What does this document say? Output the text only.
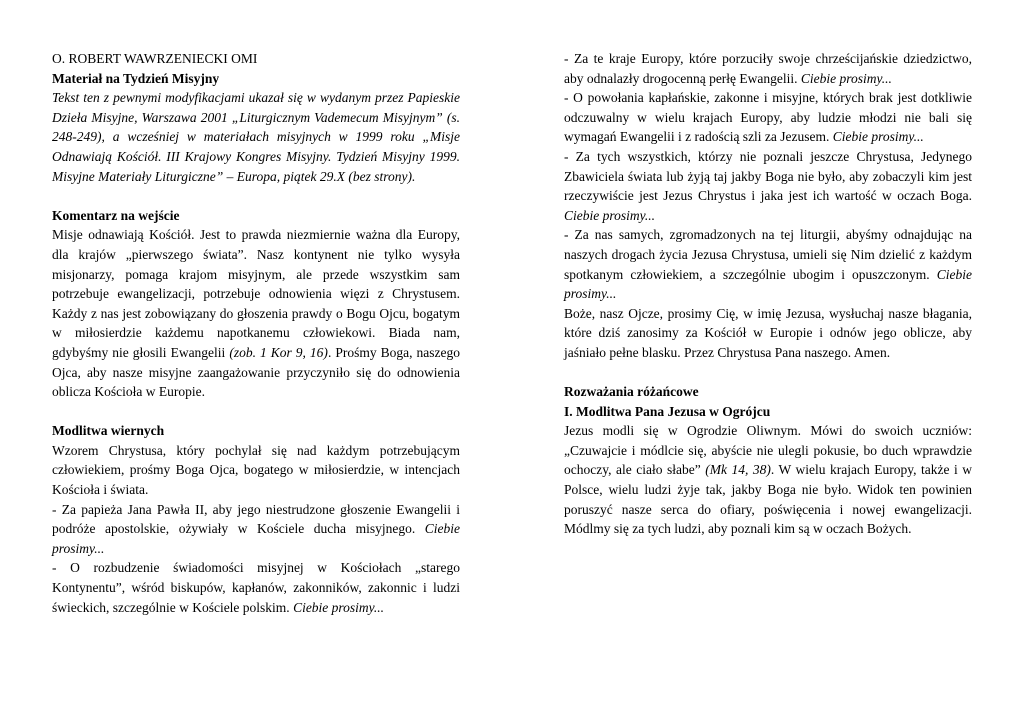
O. ROBERT WAWRZENIECKI OMI

Materiał na Tydzień Misyjny

Tekst ten z pewnymi modyfikacjami ukazał się w wydanym przez Papieskie Dzieła Misyjne, Warszawa 2001 „Liturgicznym Vademecum Misyjnym” (s. 248-249), a wcześniej w materiałach misyjnych w 1999 roku „Misje Odnawiają Kościół. III Krajowy Kongres Misyjny. Tydzień Misyjny 1999. Misyjne Materiały Liturgiczne” – Europa, piątek 29.X (bez strony).

Komentarz na wejście

Misje odnawiają Kościół. Jest to prawda niezmiernie ważna dla Europy, dla krajów „pierwszego świata”. Nasz kontynent nie tylko wysyła misjonarzy, pomaga krajom misyjnym, ale przede wszystkim sam potrzebuje ewangelizacji, potrzebuje odnowienia więzi z Chrystusem. Każdy z nas jest zobowiązany do głoszenia prawdy o Bogu Ojcu, bogatym w miłosierdzie każdemu napotkanemu człowiekowi. Biada nam, gdybyśmy nie głosili Ewangelii (zob. 1 Kor 9, 16). Prośmy Boga, naszego Ojca, aby nasze misyjne zaangażowanie przyczyniło się do odnowienia oblicza Kościoła w Europie.

Modlitwa wiernych

Wzorem Chrystusa, który pochylał się nad każdym potrzebującym człowiekiem, prośmy Boga Ojca, bogatego w miłosierdzie, w intencjach Kościoła i świata.

- Za papieża Jana Pawła II, aby jego niestrudzone głoszenie Ewangelii i podróże apostolskie, ożywiały w Kościele ducha misyjnego. Ciebie prosimy...

- O rozbudzenie świadomości misyjnej w Kościołach „starego Kontynentu”, wśród biskupów, kapłanów, zakonników, zakonnic i ludzi świeckich, szczególnie w Kościele polskim. Ciebie prosimy...

- Za te kraje Europy, które porzuciły swoje chrześcijańskie dziedzictwo, aby odnalazły drogocenną perłę Ewangelii. Ciebie prosimy...

- O powołania kapłańskie, zakonne i misyjne, których brak jest dotkliwie odczuwalny w wielu krajach Europy, aby ludzie młodzi nie bali się wymagań Ewangelii i z radością szli za Jezusem. Ciebie prosimy...

- Za tych wszystkich, którzy nie poznali jeszcze Chrystusa, Jedynego Zbawiciela świata lub żyją taj jakby Boga nie było, aby zobaczyli kim jest rzeczywiście jest Jezus Chrystus i jaka jest ich wartość w oczach Boga. Ciebie prosimy...

- Za nas samych, zgromadzonych na tej liturgii, abyśmy odnajdując na naszych drogach życia Jezusa Chrystusa, umieli się Nim dzielić z każdym spotkanym człowiekiem, a szczególnie ubogim i opuszczonym. Ciebie prosimy...

Boże, nasz Ojcze, prosimy Cię, w imię Jezusa, wysłuchaj nasze błagania, które dziś zanosimy za Kościół w Europie i odnów jego oblicze, aby jaśniało pełne blasku. Przez Chrystusa Pana naszego. Amen.

Rozważania różańcowe

I. Modlitwa Pana Jezusa w Ogrójcu

Jezus modli się w Ogrodzie Oliwnym. Mówi do swoich uczniów: „Czuwajcie i módlcie się, abyście nie ulegli pokusie, bo duch wprawdzie ochoczy, ale ciało słabe” (Mk 14, 38). W wielu krajach Europy, także i w Polsce, wielu ludzi żyje tak, jakby Boga nie było. Widok ten powinien poruszyć nasze serca do ofiary, poświęcenia i nowej ewangelizacji. Módlmy się za tych ludzi, aby poznali kim są w oczach Bożych.
